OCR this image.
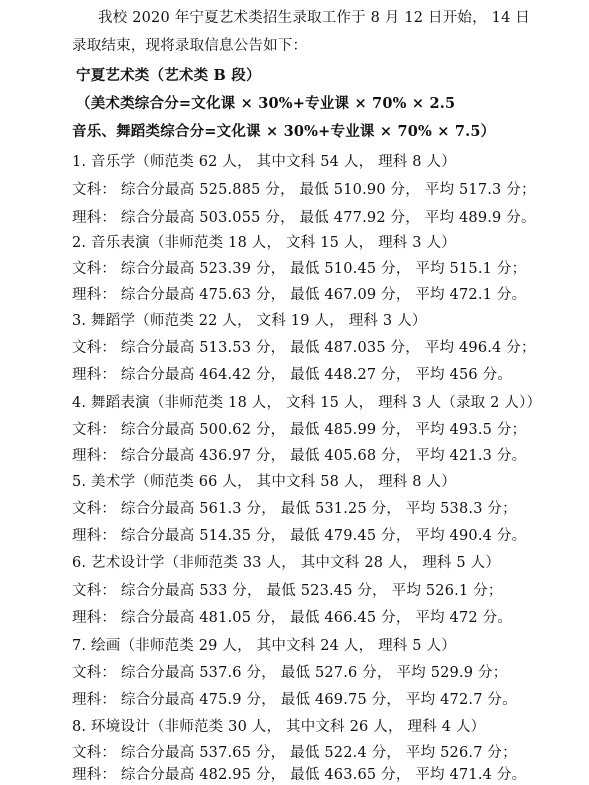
我校 2020 年宁夏艺术类招生录取工作于 8 月 12 日开始， 14 日
录取结束，现将录取信息公告如下：
宁夏艺术类（艺术类 B 段）
（美术类综合分=文化课 × 30%+专业课 × 70% × 2.5
音乐、舞蹈类综合分=文化课 × 30%+专业课 × 70% × 7.5）
1. 音乐学（师范类 62 人， 其中文科 54 人， 理科 8 人）
文科： 综合分最高 525.885 分， 最低 510.90 分， 平均 517.3 分；
理科： 综合分最高 503.055 分， 最低 477.92 分， 平均 489.9 分。
2. 音乐表演（非师范类 18 人， 文科 15 人， 理科 3 人）
文科： 综合分最高 523.39 分， 最低 510.45 分， 平均 515.1 分；
理科： 综合分最高 475.63 分， 最低 467.09 分， 平均 472.1 分。
3. 舞蹈学（师范类 22 人， 文科 19 人， 理科 3 人）
文科： 综合分最高 513.53 分， 最低 487.035 分， 平均 496.4 分；
理科： 综合分最高 464.42 分， 最低 448.27 分， 平均 456 分。
4. 舞蹈表演（非师范类 18 人， 文科 15 人， 理科 3 人（录取 2 人））
文科： 综合分最高 500.62 分， 最低 485.99 分， 平均 493.5 分；
理科： 综合分最高 436.97 分， 最低 405.68 分， 平均 421.3 分。
5. 美术学（师范类 66 人， 其中文科 58 人， 理科 8 人）
文科： 综合分最高 561.3 分， 最低 531.25 分， 平均 538.3 分；
理科： 综合分最高 514.35 分， 最低 479.45 分， 平均 490.4 分。
6. 艺术设计学（非师范类 33 人， 其中文科 28 人， 理科 5 人）
文科： 综合分最高 533 分， 最低 523.45 分， 平均 526.1 分；
理科： 综合分最高 481.05 分， 最低 466.45 分， 平均 472 分。
7. 绘画（非师范类 29 人， 其中文科 24 人， 理科 5 人）
文科： 综合分最高 537.6 分， 最低 527.6 分， 平均 529.9 分；
理科： 综合分最高 475.9 分， 最低 469.75 分， 平均 472.7 分。
8. 环境设计（非师范类 30 人， 其中文科 26 人， 理科 4 人）
文科： 综合分最高 537.65 分， 最低 522.4 分， 平均 526.7 分；
理科： 综合分最高 482.95 分， 最低 463.65 分， 平均 471.4 分。
